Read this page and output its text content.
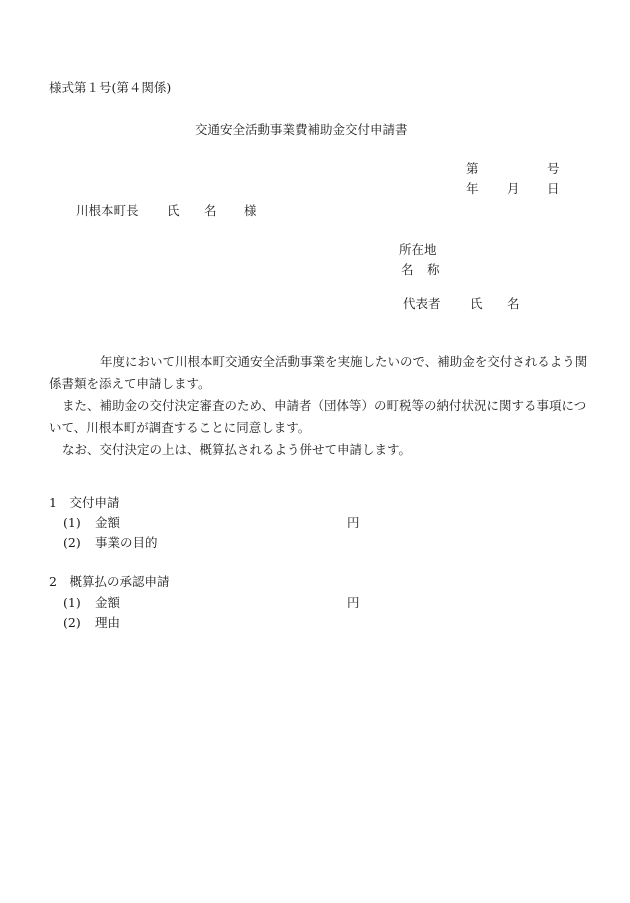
様式第１号(第４関係)
交通安全活動事業費補助金交付申請書
第	号
年 月 日
川根本町長 氏 名 様
所在地
名 称
代表者 氏 名

年度において川根本町交通安全活動事業を実施したいので、補助金を交付されるよう関係書類を添えて申請します。

また、補助金の交付決定審査のため、申請者（団体等）の町税等の納付状況に関する事項について、川根本町が調査することに同意します。

なお、交付決定の上は、概算払されるよう併せて申請します。

1　交付申請
(1) 金額	円
(2) 事業の目的
2　概算払の承認申請
(1) 金額	円
(2) 理由
